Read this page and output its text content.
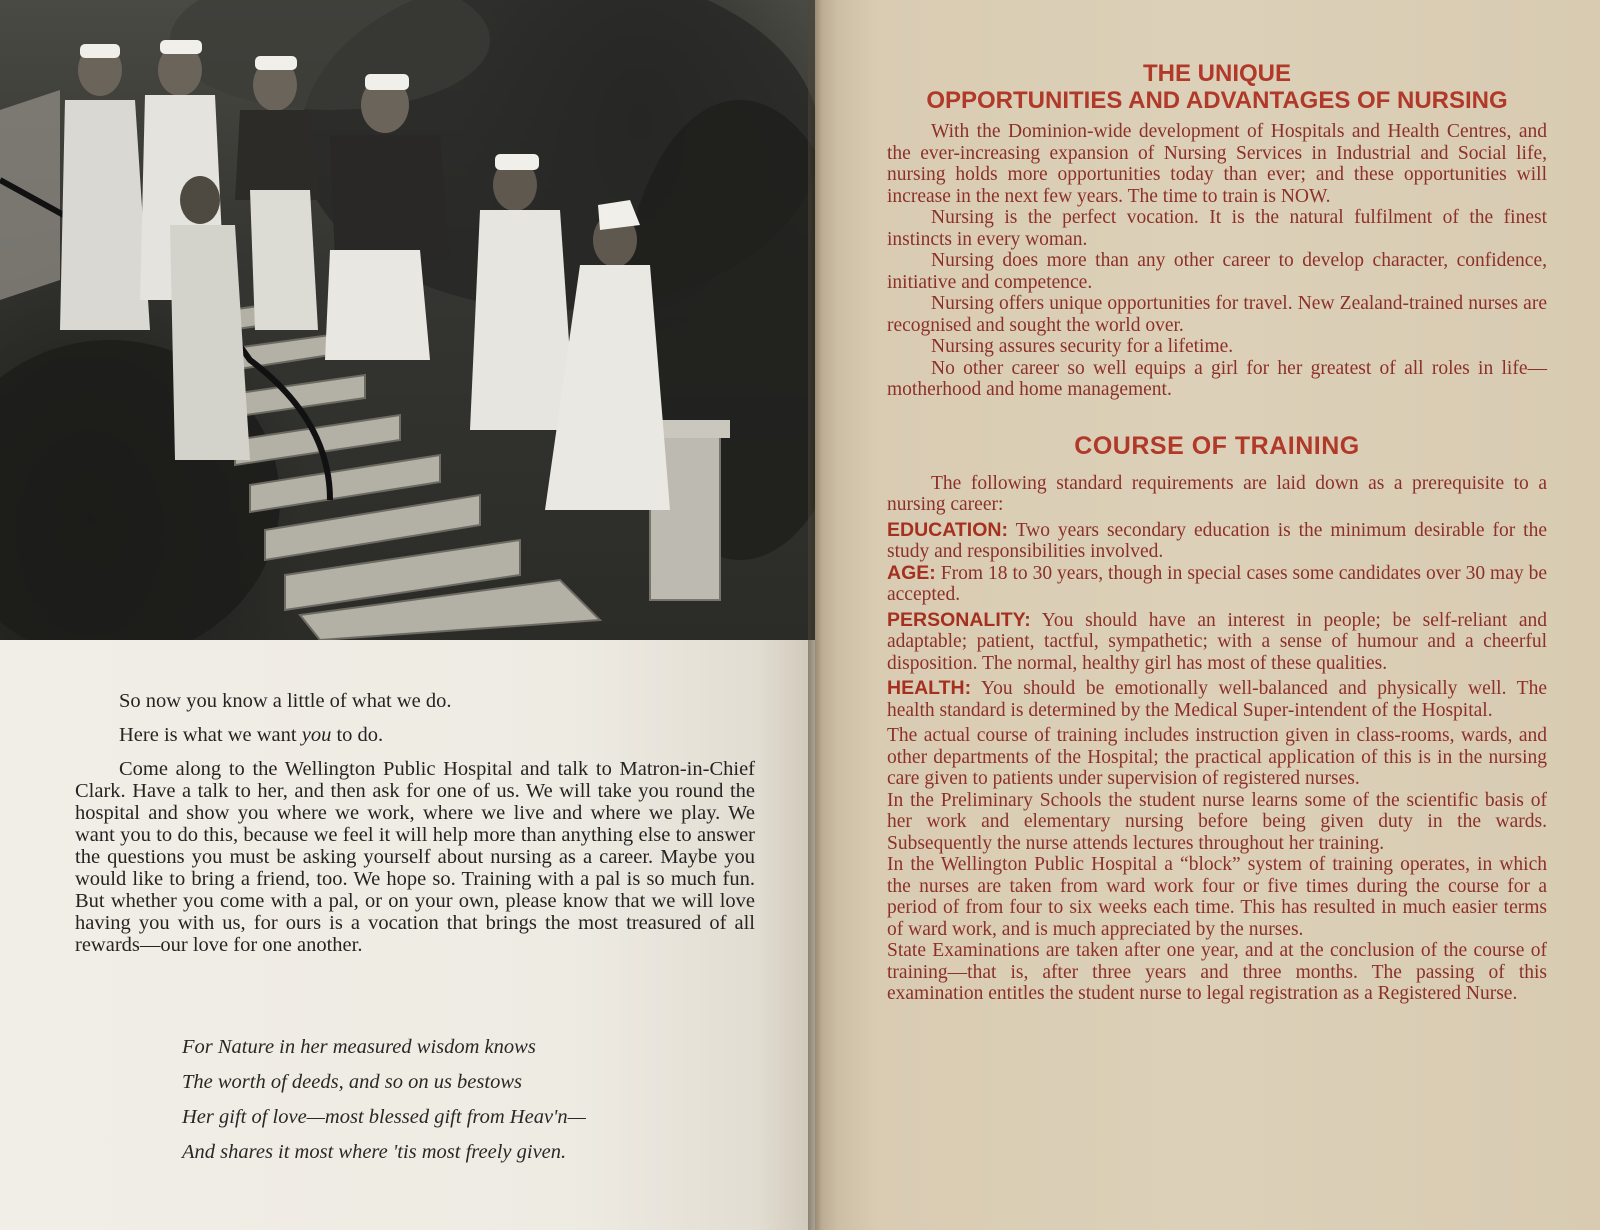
So now you know a little of what we do.

Here is what we want you to do.

Come along to the Wellington Public Hospital and talk to Matron-in-Chief Clark. Have a talk to her, and then ask for one of us. We will take you round the hospital and show you where we work, where we live and where we play. We want you to do this, because we feel it will help more than anything else to answer the questions you must be asking yourself about nursing as a career. Maybe you would like to bring a friend, too. We hope so. Training with a pal is so much fun. But whether you come with a pal, or on your own, please know that we will love having you with us, for ours is a vocation that brings the most treasured of all rewards—our love for one another.

For Nature in her measured wisdom knows
The worth of deeds, and so on us bestows
Her gift of love—most blessed gift from Heav'n—
And shares it most where 'tis most freely given.
THE UNIQUE
OPPORTUNITIES AND ADVANTAGES OF NURSING

With the Dominion-wide development of Hospitals and Health Centres, and the ever-increasing expansion of Nursing Services in Industrial and Social life, nursing holds more opportunities today than ever; and these opportunities will increase in the next few years. The time to train is NOW.

Nursing is the perfect vocation. It is the natural fulfilment of the finest instincts in every woman.

Nursing does more than any other career to develop character, confidence, initiative and competence.

Nursing offers unique opportunities for travel. New Zealand-trained nurses are recognised and sought the world over.

Nursing assures security for a lifetime.

No other career so well equips a girl for her greatest of all roles in life—motherhood and home management.

COURSE OF TRAINING

The following standard requirements are laid down as a prerequisite to a nursing career:

EDUCATION: Two years secondary education is the minimum desirable for the study and responsibilities involved.

AGE: From 18 to 30 years, though in special cases some candidates over 30 may be accepted.

PERSONALITY: You should have an interest in people; be self-reliant and adaptable; patient, tactful, sympathetic; with a sense of humour and a cheerful disposition. The normal, healthy girl has most of these qualities.

HEALTH: You should be emotionally well-balanced and physically well. The health standard is determined by the Medical Super-intendent of the Hospital.

The actual course of training includes instruction given in class-rooms, wards, and other departments of the Hospital; the practical application of this is in the nursing care given to patients under supervision of registered nurses.

In the Preliminary Schools the student nurse learns some of the scientific basis of her work and elementary nursing before being given duty in the wards. Subsequently the nurse attends lectures throughout her training.

In the Wellington Public Hospital a “block” system of training operates, in which the nurses are taken from ward work four or five times during the course for a period of from four to six weeks each time. This has resulted in much easier terms of ward work, and is much appreciated by the nurses.

State Examinations are taken after one year, and at the conclusion of the course of training—that is, after three years and three months. The passing of this examination entitles the student nurse to legal registration as a Registered Nurse.
